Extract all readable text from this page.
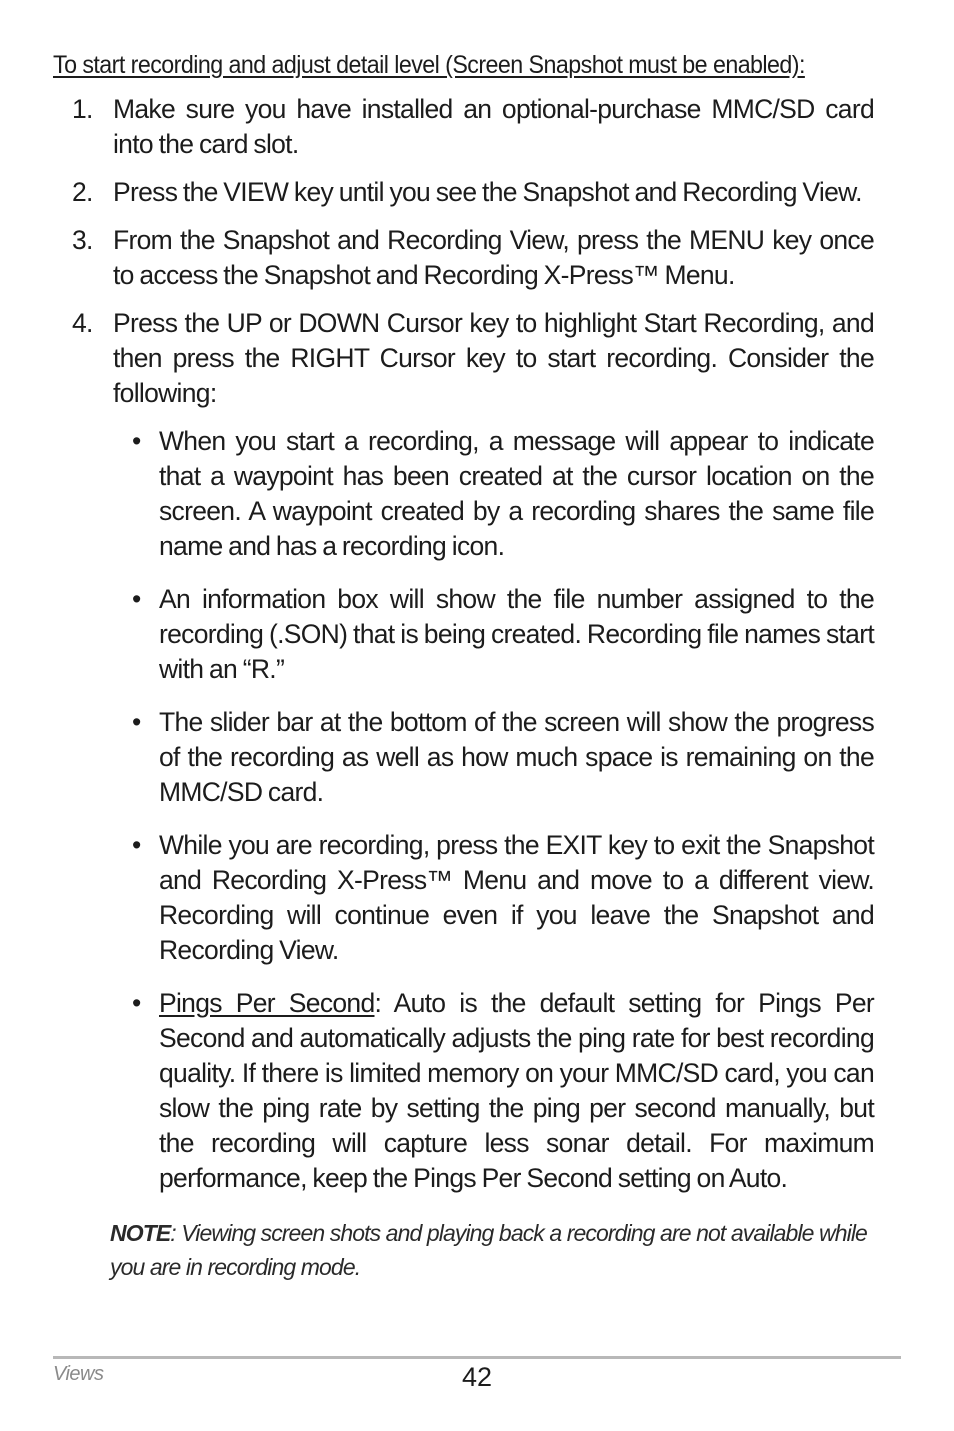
To start recording and adjust detail level (Screen Snapshot must be enabled):
1. Make sure you have installed an optional-purchase MMC/SD card into the card slot.
2. Press the VIEW key until you see the Snapshot and Recording View.
3. From the Snapshot and Recording View, press the MENU key once to access the Snapshot and Recording X-Press™ Menu.
4. Press the UP or DOWN Cursor key to highlight Start Recording, and then press the RIGHT Cursor key to start recording. Consider the following:
• When you start a recording, a message will appear to indicate that a waypoint has been created at the cursor location on the screen. A waypoint created by a recording shares the same file name and has a recording icon.
• An information box will show the file number assigned to the recording (.SON) that is being created. Recording file names start with an “R.”
• The slider bar at the bottom of the screen will show the progress of the recording as well as how much space is remaining on the MMC/SD card.
• While you are recording, press the EXIT key to exit the Snapshot and Recording X-Press™ Menu and move to a different view. Recording will continue even if you leave the Snapshot and Recording View.
• Pings Per Second: Auto is the default setting for Pings Per Second and automatically adjusts the ping rate for best recording quality. If there is limited memory on your MMC/SD card, you can slow the ping rate by setting the ping per second manually, but the recording will capture less sonar detail. For maximum performance, keep the Pings Per Second setting on Auto.
NOTE: Viewing screen shots and playing back a recording are not available while you are in recording mode.
Views	42
